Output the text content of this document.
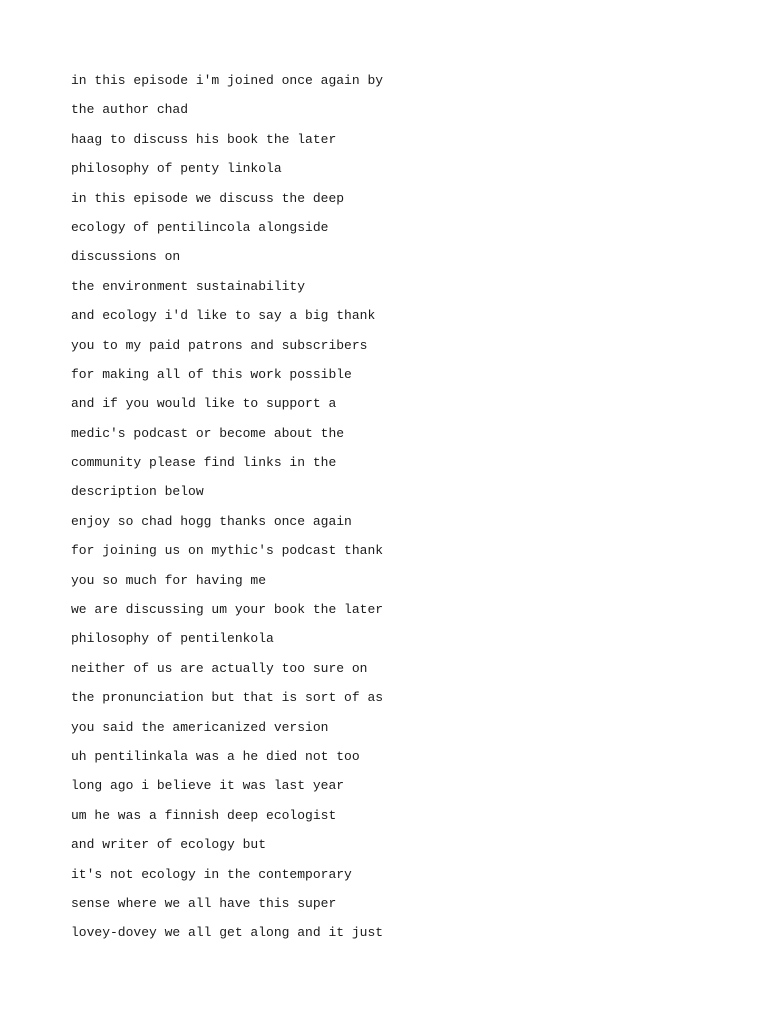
in this episode i'm joined once again by
the author chad
haag to discuss his book the later
philosophy of penty linkola
in this episode we discuss the deep
ecology of pentilincola alongside
discussions on
the environment sustainability
and ecology i'd like to say a big thank
you to my paid patrons and subscribers
for making all of this work possible
and if you would like to support a
medic's podcast or become about the
community please find links in the
description below
enjoy so chad hogg thanks once again
for joining us on mythic's podcast thank
you so much for having me
we are discussing um your book the later
philosophy of pentilenkola
neither of us are actually too sure on
the pronunciation but that is sort of as
you said the americanized version
uh pentilinkala was a he died not too
long ago i believe it was last year
um he was a finnish deep ecologist
and writer of ecology but
it's not ecology in the contemporary
sense where we all have this super
lovey-dovey we all get along and it just
